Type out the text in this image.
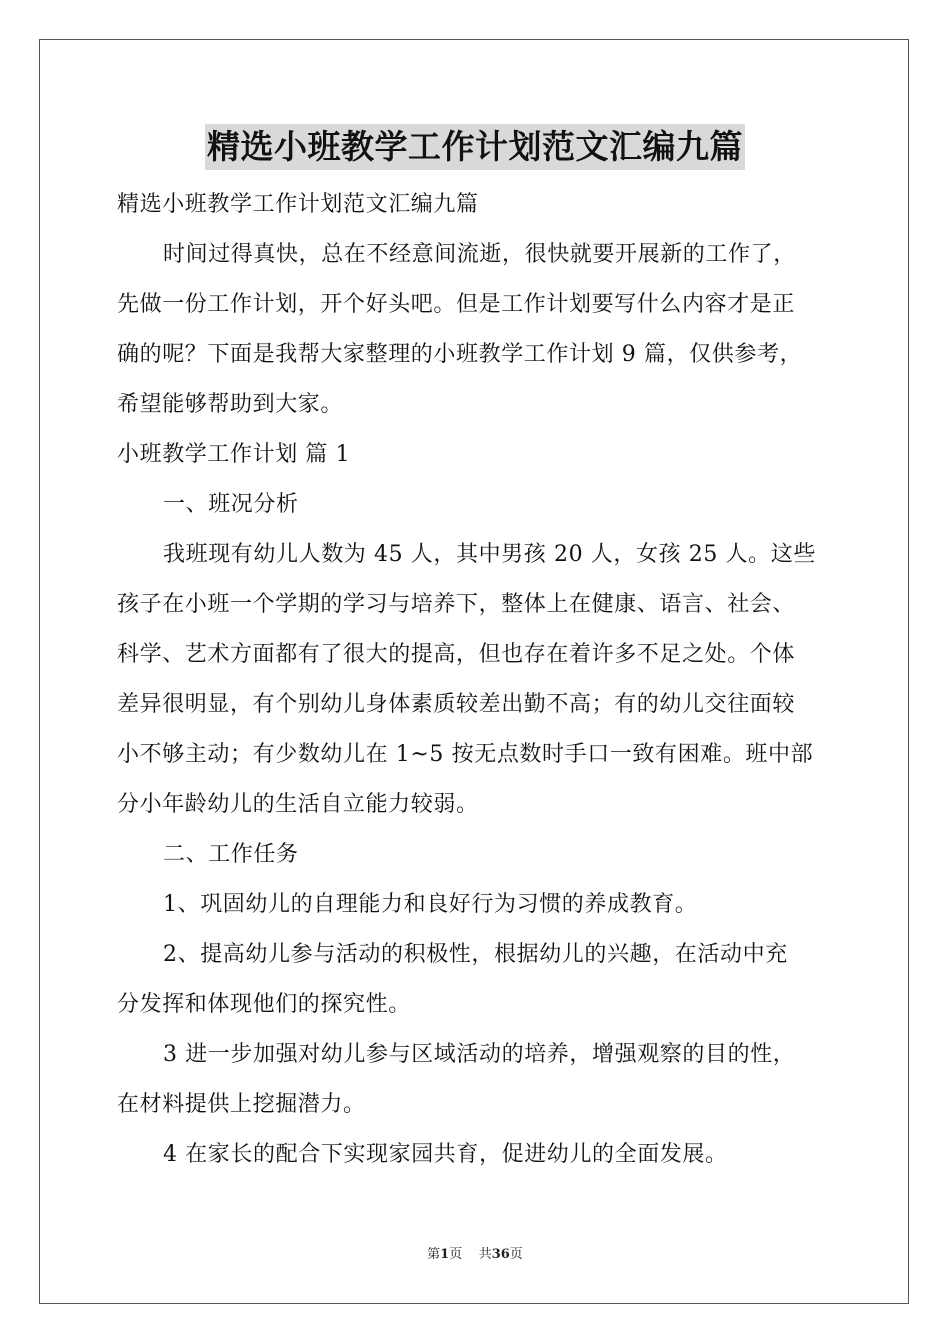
精选小班教学工作计划范文汇编九篇
精选小班教学工作计划范文汇编九篇
时间过得真快，总在不经意间流逝，很快就要开展新的工作了，
先做一份工作计划，开个好头吧。但是工作计划要写什么内容才是正
确的呢？下面是我帮大家整理的小班教学工作计划 9 篇，仅供参考，
希望能够帮助到大家。
小班教学工作计划 篇 1
一、班况分析
我班现有幼儿人数为 45 人，其中男孩 20 人，女孩 25 人。这些
孩子在小班一个学期的学习与培养下，整体上在健康、语言、社会、
科学、艺术方面都有了很大的提高，但也存在着许多不足之处。个体
差异很明显，有个别幼儿身体素质较差出勤不高；有的幼儿交往面较
小不够主动；有少数幼儿在 1~5 按无点数时手口一致有困难。班中部
分小年龄幼儿的生活自立能力较弱。
二、工作任务
1、巩固幼儿的自理能力和良好行为习惯的养成教育。
2、提高幼儿参与活动的积极性，根据幼儿的兴趣，在活动中充
分发挥和体现他们的探究性。
3 进一步加强对幼儿参与区域活动的培养，增强观察的目的性，
在材料提供上挖掘潜力。
4 在家长的配合下实现家园共育，促进幼儿的全面发展。
第1页 共36页
